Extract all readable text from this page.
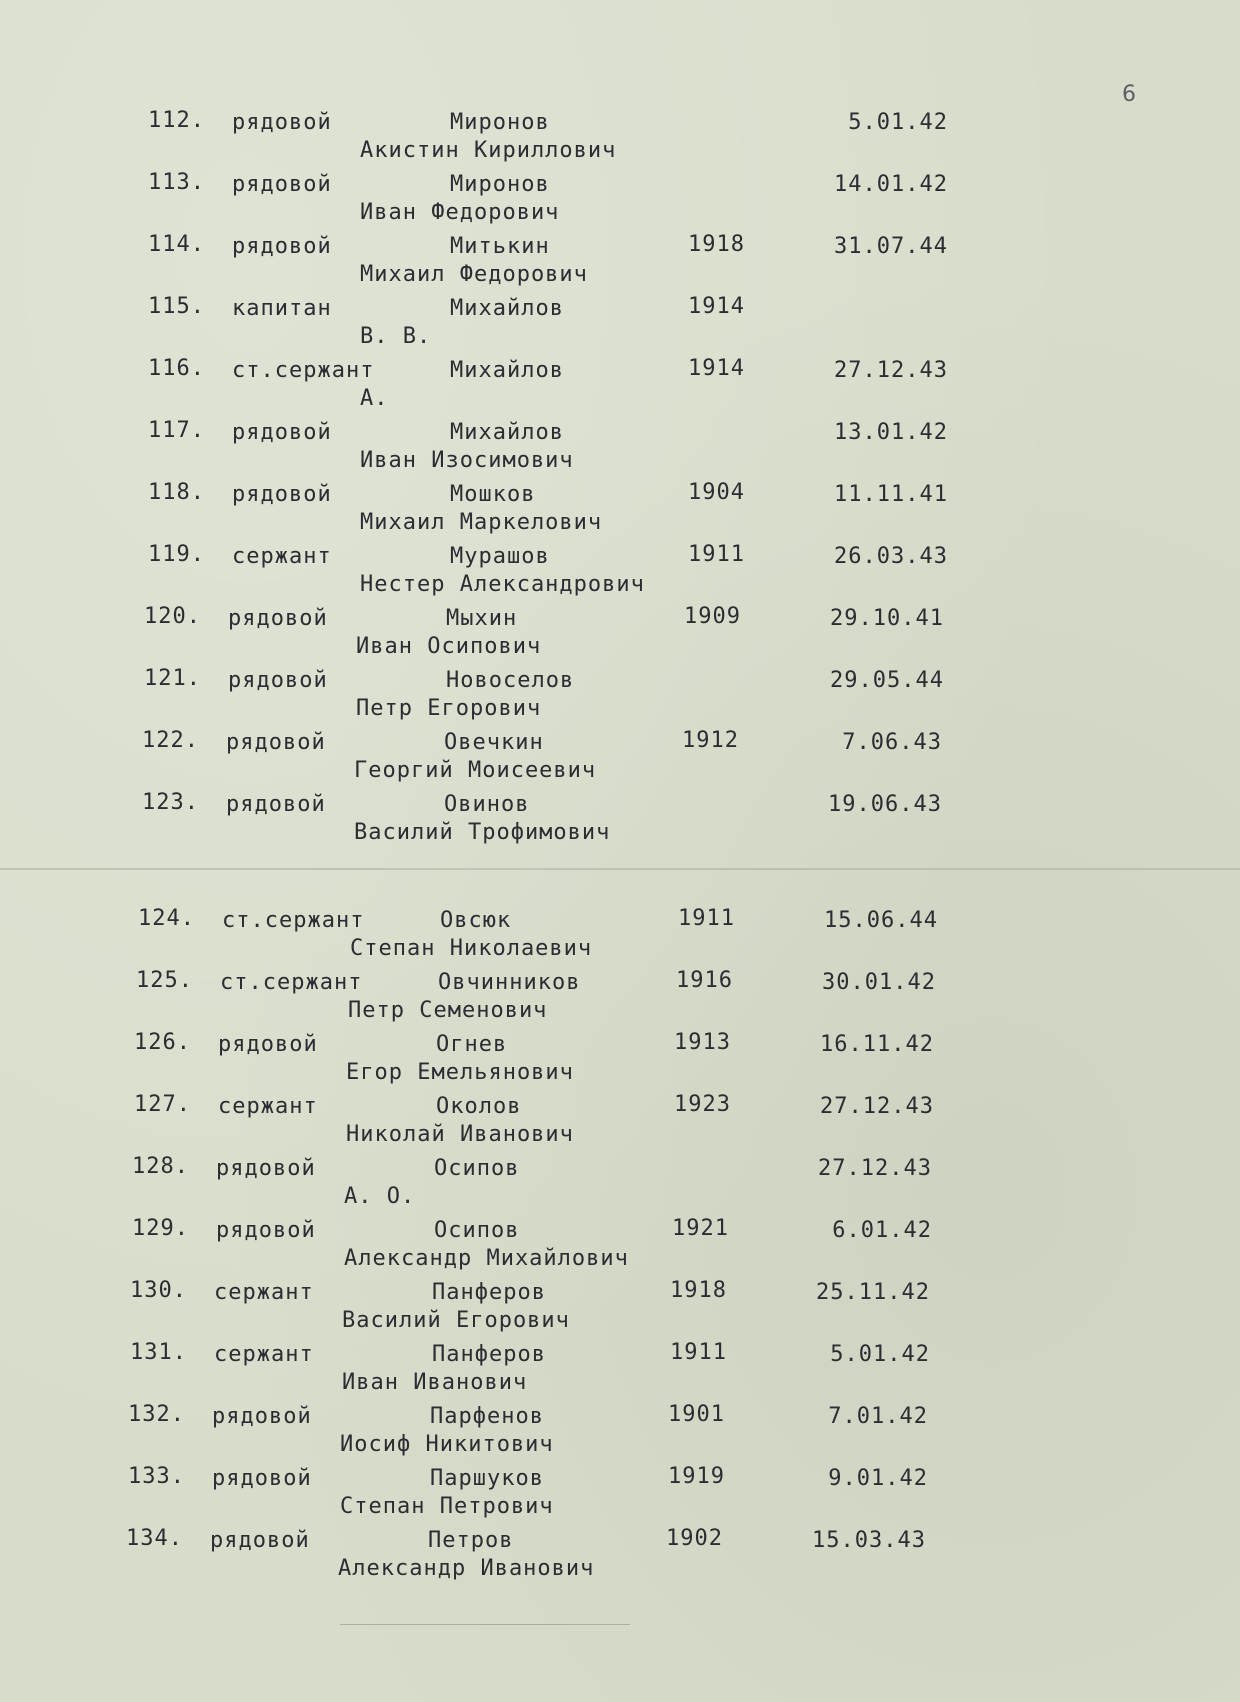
6
112. рядовой	Миронов
Акистин Кириллович
5.01.42
113. рядовой	Миронов
Иван Федорович
14.01.42
114. рядовой	Митькин
Михаил Федорович
1918	31.07.44
115. капитан	Михайлов
В. В.
1914
116. ст.сержант	Михайлов
А.
1914	27.12.43
117. рядовой	Михайлов
Иван Изосимович
13.01.42
118. рядовой	Мошков
Михаил Маркелович
1904	11.11.41
119. сержант	Мурашов
Нестер Александрович
1911	26.03.43
120. рядовой	Мыхин
Иван Осипович
1909	29.10.41
121. рядовой	Новоселов
Петр Егорович
29.05.44
122. рядовой	Овечкин
Георгий Моисеевич
1912	7.06.43
123. рядовой	Овинов
Василий Трофимович
19.06.43
124. ст.сержант	Овсюк
Степан Николаевич
1911	15.06.44
125. ст.сержант	Овчинников
Петр Семенович
1916	30.01.42
126. рядовой	Огнев
Егор Емельянович
1913	16.11.42
127. сержант	Околов
Николай Иванович
1923	27.12.43
128. рядовой	Осипов
А. О.
27.12.43
129. рядовой	Осипов
Александр Михайлович
1921	6.01.42
130. сержант	Панферов
Василий Егорович
1918	25.11.42
131. сержант	Панферов
Иван Иванович
1911	5.01.42
132. рядовой	Парфенов
Иосиф Никитович
1901	7.01.42
133. рядовой	Паршуков
Степан Петрович
1919	9.01.42
134. рядовой	Петров
Александр Иванович
1902	15.03.43
